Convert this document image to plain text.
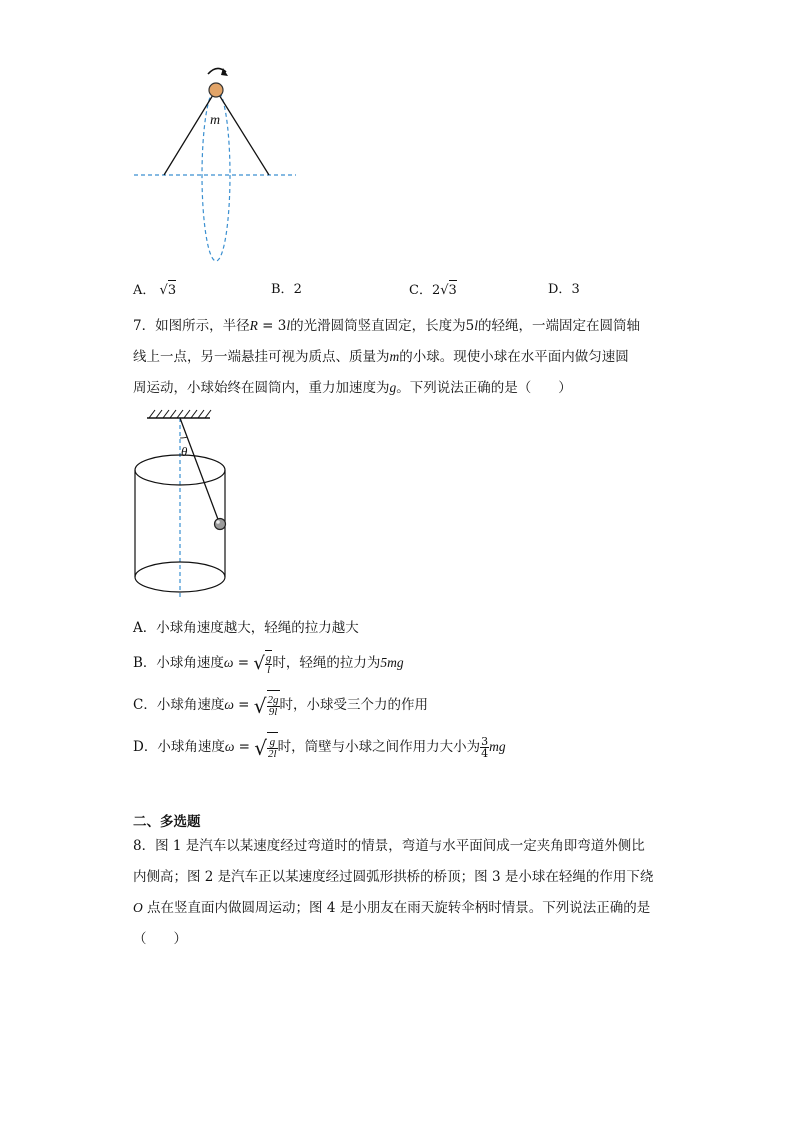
m
A． √3	B．2	C．2√3	D．3
7．如图所示，半径R = 3l的光滑圆筒竖直固定，长度为5l的轻绳，一端固定在圆筒轴
线上一点，另一端悬挂可视为质点、质量为m的小球。现使小球在水平面内做匀速圆
周运动，小球始终在圆筒内，重力加速度为g。下列说法正确的是（　　）
θ
A．小球角速度越大，轻绳的拉力越大
B．小球角速度ω = √ $\frac{g}{l}$ 时，轻绳的拉力为5mg
C．小球角速度ω = √ $\frac{2g}{9l}$ 时，小球受三个力的作用
D．小球角速度ω = √ $\frac{g}{2l}$ 时，筒壁与小球之间作用力大小为 $\frac{3}{4}$ mg
二、多选题
8．图 1 是汽车以某速度经过弯道时的情景，弯道与水平面间成一定夹角即弯道外侧比
内侧高；图 2 是汽车正以某速度经过圆弧形拱桥的桥顶；图 3 是小球在轻绳的作用下绕
O 点在竖直面内做圆周运动；图 4 是小朋友在雨天旋转伞柄时情景。下列说法正确的是
（　　）
